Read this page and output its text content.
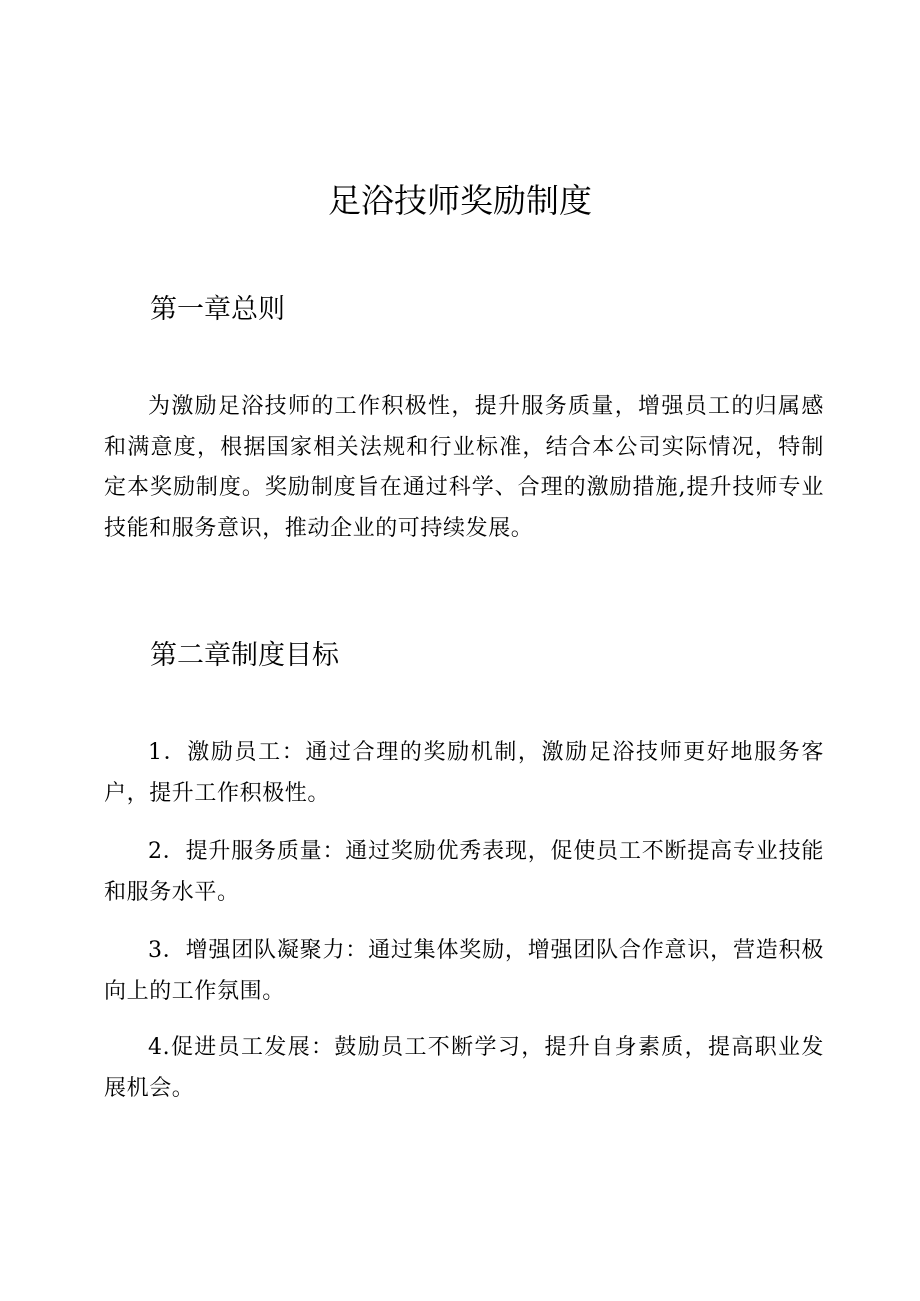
足浴技师奖励制度
第一章总则

为激励足浴技师的工作积极性，提升服务质量，增强员工的归属感和满意度，根据国家相关法规和行业标准，结合本公司实际情况，特制定本奖励制度。奖励制度旨在通过科学、合理的激励措施,提升技师专业技能和服务意识，推动企业的可持续发展。

第二章制度目标

1．激励员工：通过合理的奖励机制，激励足浴技师更好地服务客户，提升工作积极性。

2．提升服务质量：通过奖励优秀表现，促使员工不断提高专业技能和服务水平。

3．增强团队凝聚力：通过集体奖励，增强团队合作意识，营造积极向上的工作氛围。

4.促进员工发展：鼓励员工不断学习，提升自身素质，提高职业发展机会。
